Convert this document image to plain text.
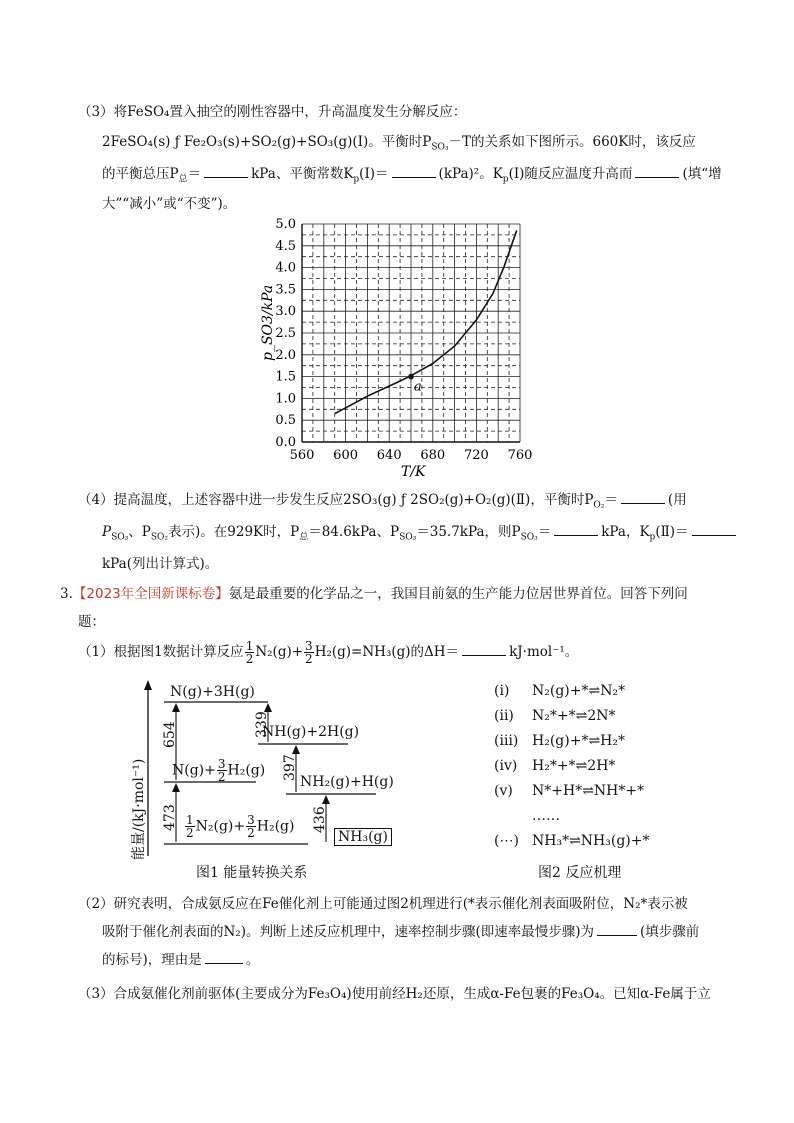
（3）将FeSO₄置入抽空的刚性容器中，升高温度发生分解反应：
2FeSO₄(s) ƒ Fe₂O₃(s)+SO₂(g)+SO₃(g)(Ⅰ)。平衡时$P_{SO_3}-T$的关系如下图所示。660K时，该反应
的平衡总压$P_总=$	kPa、平衡常数$K_p(Ⅰ)=$	(kPa)²。$K_p(Ⅰ)$随反应温度升高而	(填“增
大”“减小”或“不变”)。
0.0
0.5
1.0
1.5
2.0
2.5
3.0
3.5
4.0
4.5
5.0
560 600 640 680 720 760
a
T/K
p_SO3/kPa
（4）提高温度，上述容器中进一步发生反应2SO₃(g) ƒ 2SO₂(g)+O₂(g)(Ⅱ)，平衡时$P_{O_2}=$	(用
$P_{SO_3}$、$P_{SO_2}$表示)。在929K时，$P_总=84.6kPa$、$P_{SO_3}=35.7kPa$，则$P_{SO_3}=$	kPa，$K_p(Ⅱ)=$
kPa(列出计算式)。
3.【2023年全国新课标卷】氨是最重要的化学品之一，我国目前氨的生产能力位居世界首位。回答下列问
题：
（1）根据图1数据计算反应 $\frac{1}{2} N_2(g)+ \frac{3}{2} H_2(g)=NH_3(g)$的ΔH＝	kJ·mol⁻¹。
能量/(kJ·mol⁻¹)
N(g)+3H(g)
$N(g)+ \frac{3}{2} H_2(g)$
NH(g)+2H(g)
NH₂(g)+H(g)
$\frac{1}{2} N_2(g)+ \frac{3}{2} H_2(g)$
NH₃(g)
654	339
397
473	436
图1 能量转换关系
(ⅰ) N₂(g)+*⇌N₂*
(ⅱ) N₂*+*⇌2N*
(ⅲ) H₂(g)+*⇌H₂*
(ⅳ) H₂*+*⇌2H*
(ⅴ) N*+H*⇌NH*+*
……
(⋯) NH₃*⇌NH₃(g)+*
图2 反应机理
（2）研究表明，合成氨反应在Fe催化剂上可能通过图2机理进行(*表示催化剂表面吸附位，N₂*表示被
吸附于催化剂表面的N₂)。判断上述反应机理中，速率控制步骤(即速率最慢步骤)为	(填步骤前
的标号)，理由是	。
（3）合成氨催化剂前驱体(主要成分为Fe₃O₄)使用前经H₂还原，生成α-Fe包裹的Fe₃O₄。已知α-Fe属于立
